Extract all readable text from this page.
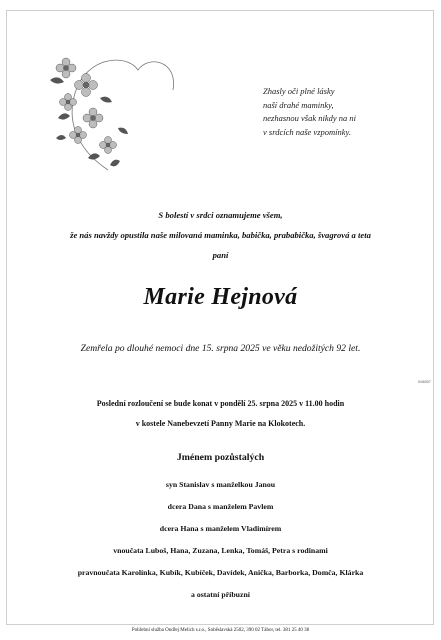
Zhasly oči plné lásky
naší drahé maminky,
nezhasnou však nikdy na ni
v srdcích naše vzpomínky.
S bolestí v srdci oznamujeme všem,
že nás navždy opustila naše milovaná maminka, babička, prababička, švagrová a teta
paní
Marie Hejnová
Zemřela po dlouhé nemoci dne 15. srpna 2025 ve věku nedožitých 92 let.
Poslední rozloučení se bude konat v pondělí 25. srpna 2025 v 11.00 hodin
v kostele Nanebevzetí Panny Marie na Klokotech.
Jménem pozůstalých
syn Stanislav s manželkou Janou
dcera Dana s manželem Pavlem
dcera Hana s manželem Vladimírem
vnoučata Luboš, Hana, Zuzana, Lenka, Tomáš, Petra s rodinami
pravnoučata Karolínka, Kubík, Kubíček, Davídek, Anička, Barborka, Domča, Klárka
a ostatní příbuzní
0/46307
Pohřební služba Ondřej Melich s.r.o., Soběslavská 2502, 390 02 Tábor, tel. 381 25 40 38
